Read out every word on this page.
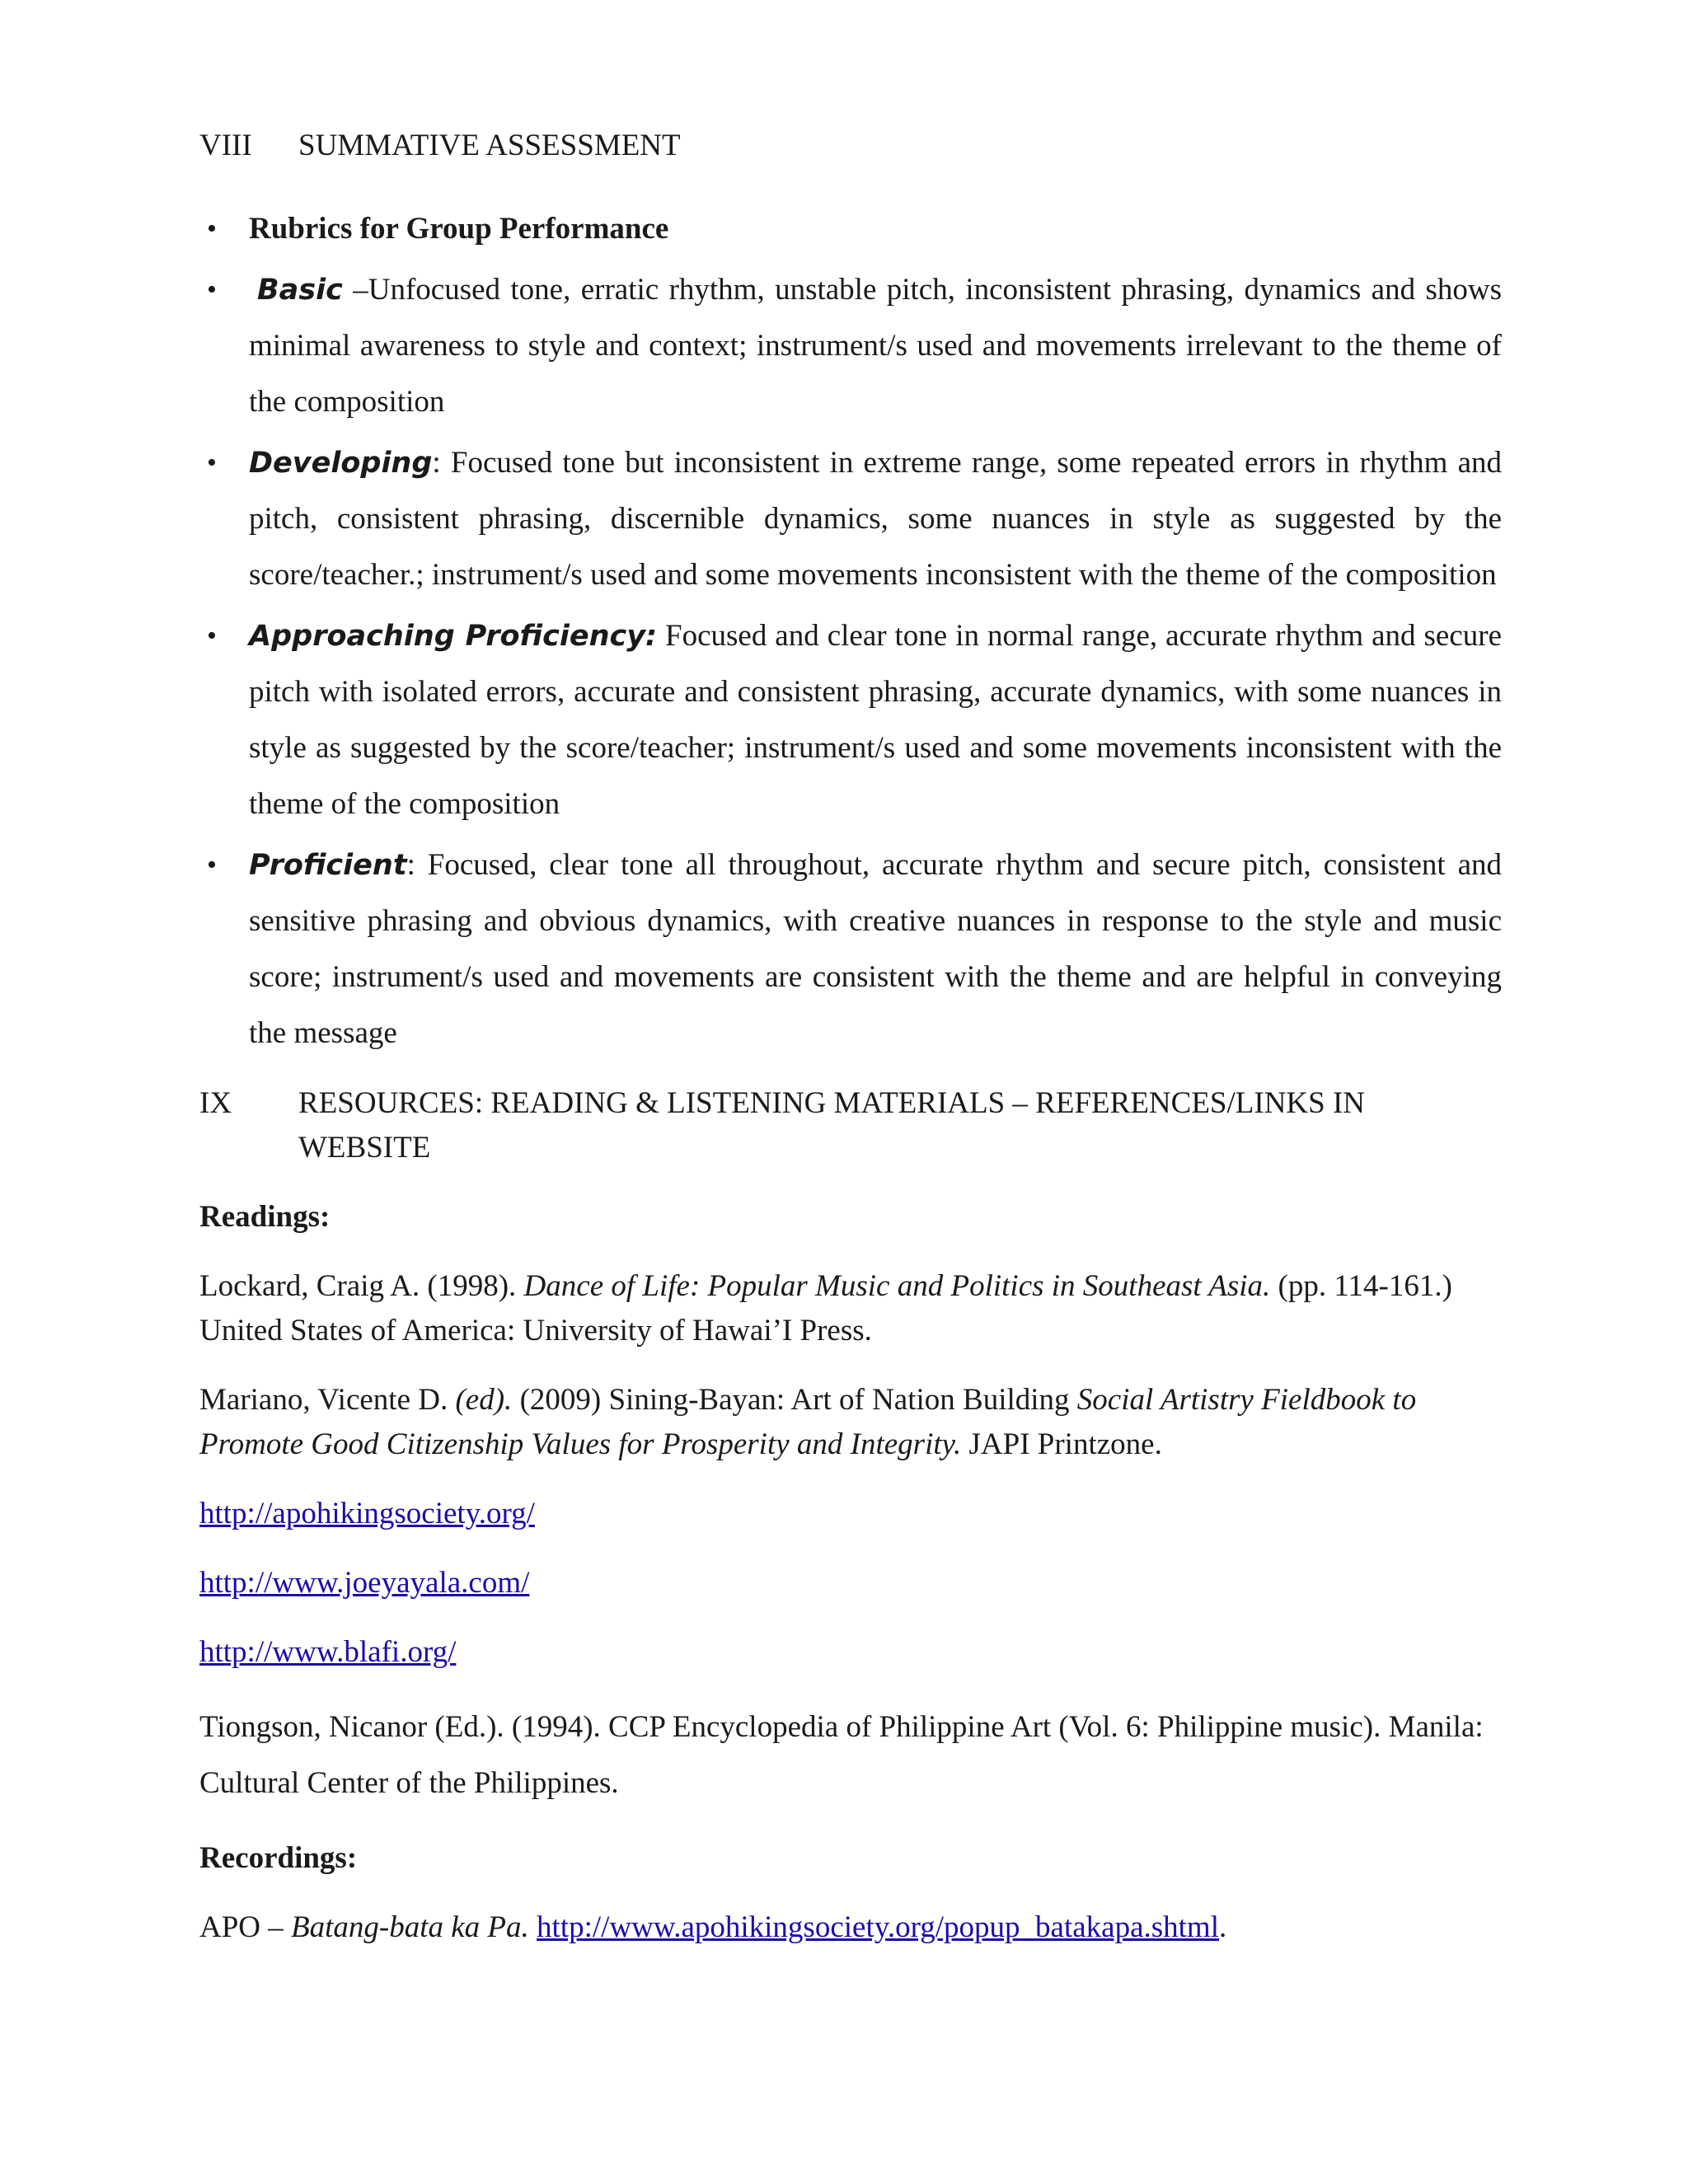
VIII	SUMMATIVE ASSESSMENT
• Rubrics for Group Performance
• Basic –Unfocused tone, erratic rhythm, unstable pitch, inconsistent phrasing, dynamics and shows minimal awareness to style and context; instrument/s used and movements irrelevant to the theme of the composition
• Developing: Focused tone but inconsistent in extreme range, some repeated errors in rhythm and pitch, consistent phrasing, discernible dynamics, some nuances in style as suggested by the score/teacher.; instrument/s used and some movements inconsistent with the theme of the composition
• Approaching Proficiency: Focused and clear tone in normal range, accurate rhythm and secure pitch with isolated errors, accurate and consistent phrasing, accurate dynamics, with some nuances in style as suggested by the score/teacher; instrument/s used and some movements inconsistent with the theme of the composition
• Proficient: Focused, clear tone all throughout, accurate rhythm and secure pitch, consistent and sensitive phrasing and obvious dynamics, with creative nuances in response to the style and music score; instrument/s used and movements are consistent with the theme and are helpful in conveying the message
IX	RESOURCES: READING & LISTENING MATERIALS – REFERENCES/LINKS IN WEBSITE

Readings:

Lockard, Craig A. (1998). Dance of Life: Popular Music and Politics in Southeast Asia. (pp. 114-161.) United States of America: University of Hawai’I Press.

Mariano, Vicente D. (ed). (2009) Sining-Bayan: Art of Nation Building Social Artistry Fieldbook to Promote Good Citizenship Values for Prosperity and Integrity. JAPI Printzone.

http://apohikingsociety.org/

http://www.joeyayala.com/

http://www.blafi.org/

Tiongson, Nicanor (Ed.). (1994). CCP Encyclopedia of Philippine Art (Vol. 6: Philippine music). Manila: Cultural Center of the Philippines.

Recordings:

APO – Batang-bata ka Pa. http://www.apohikingsociety.org/popup_batakapa.shtml.
